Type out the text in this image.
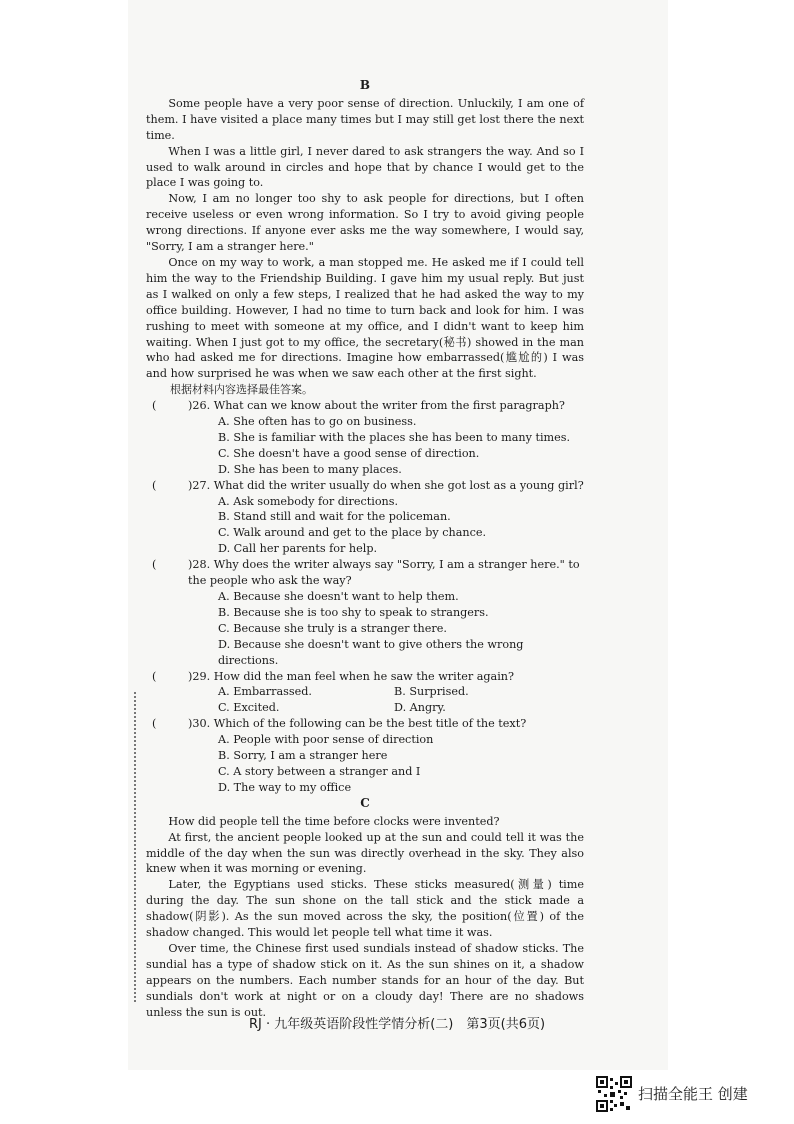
B

Some people have a very poor sense of direction. Unluckily, I am one of them. I have visited a place many times but I may still get lost there the next time.

When I was a little girl, I never dared to ask strangers the way. And so I used to walk around in circles and hope that by chance I would get to the place I was going to.

Now, I am no longer too shy to ask people for directions, but I often receive useless or even wrong information. So I try to avoid giving people wrong directions. If anyone ever asks me the way somewhere, I would say, "Sorry, I am a stranger here."

Once on my way to work, a man stopped me. He asked me if I could tell him the way to the Friendship Building. I gave him my usual reply. But just as I walked on only a few steps, I realized that he had asked the way to my office building. However, I had no time to turn back and look for him. I was rushing to meet with someone at my office, and I didn't want to keep him waiting. When I just got to my office, the secretary(秘书) showed in the man who had asked me for directions. Imagine how embarrassed(尴尬的) I was and how surprised he was when we saw each other at the first sight.

根据材料内容选择最佳答案。
(	)26. What can we know about the writer from the first paragraph?
A. She often has to go on business.
B. She is familiar with the places she has been to many times.
C. She doesn't have a good sense of direction.
D. She has been to many places.
(	)27. What did the writer usually do when she got lost as a young girl?
A. Ask somebody for directions.
B. Stand still and wait for the policeman.
C. Walk around and get to the place by chance.
D. Call her parents for help.
(	)28. Why does the writer always say "Sorry, I am a stranger here." to the people who ask the way?
A. Because she doesn't want to help them.
B. Because she is too shy to speak to strangers.
C. Because she truly is a stranger there.
D. Because she doesn't want to give others the wrong directions.
(	)29. How did the man feel when he saw the writer again?
A. Embarrassed.	B. Surprised.
C. Excited.	D. Angry.
(	)30. Which of the following can be the best title of the text?
A. People with poor sense of direction
B. Sorry, I am a stranger here
C. A story between a stranger and I
D. The way to my office
C

How did people tell the time before clocks were invented?

At first, the ancient people looked up at the sun and could tell it was the middle of the day when the sun was directly overhead in the sky. They also knew when it was morning or evening.

Later, the Egyptians used sticks. These sticks measured(测量) time during the day. The sun shone on the tall stick and the stick made a shadow(阴影). As the sun moved across the sky, the position(位置) of the shadow changed. This would let people tell what time it was.

Over time, the Chinese first used sundials instead of shadow sticks. The sundial has a type of shadow stick on it. As the sun shines on it, a shadow appears on the numbers. Each number stands for an hour of the day. But sundials don't work at night or on a cloudy day! There are no shadows unless the sun is out.

RJ · 九年级英语阶段性学情分析(二)　第3页(共6页)
扫描全能王 创建
